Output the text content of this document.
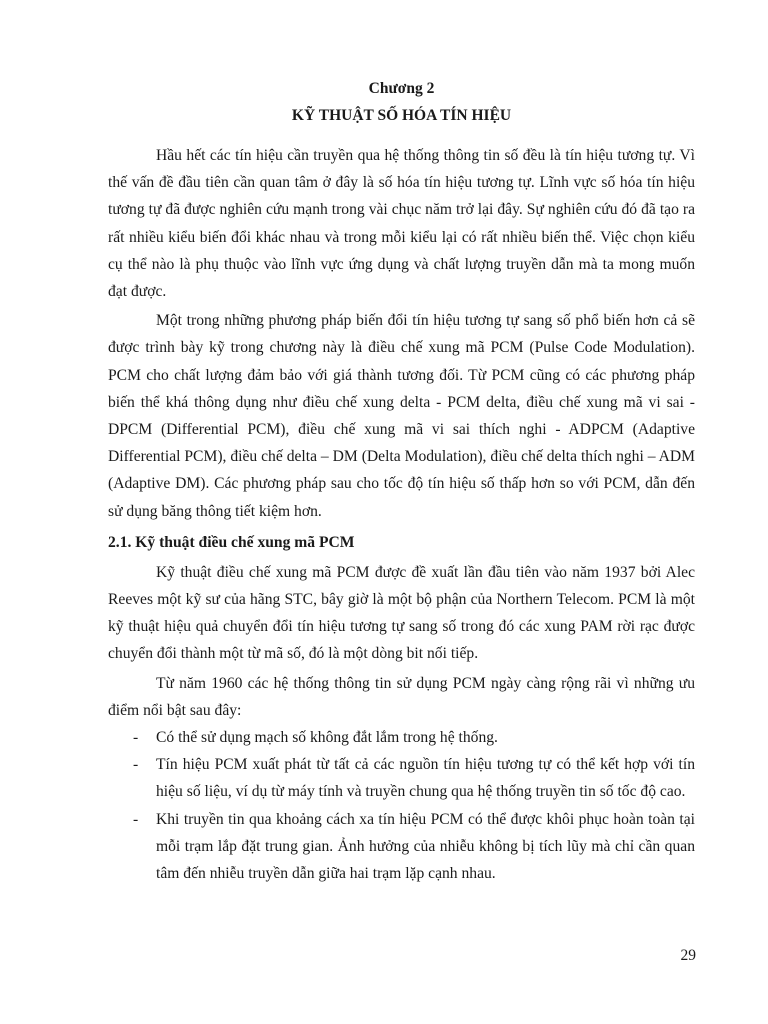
Chương 2

KỸ THUẬT SỐ HÓA TÍN HIỆU

Hầu hết các tín hiệu cần truyền qua hệ thống thông tin số đều là tín hiệu tương tự. Vì thế vấn đề đầu tiên cần quan tâm ở đây là số hóa tín hiệu tương tự. Lĩnh vực số hóa tín hiệu tương tự đã được nghiên cứu mạnh trong vài chục năm trở lại đây. Sự nghiên cứu đó đã tạo ra rất nhiều kiểu biến đổi khác nhau và trong mỗi kiểu lại có rất nhiều biến thể. Việc chọn kiểu cụ thể nào là phụ thuộc vào lĩnh vực ứng dụng và chất lượng truyền dẫn mà ta mong muốn đạt được.

Một trong những phương pháp biến đổi tín hiệu tương tự sang số phổ biến hơn cả sẽ được trình bày kỹ trong chương này là điều chế xung mã PCM (Pulse Code Modulation). PCM cho chất lượng đảm bảo với giá thành tương đối. Từ PCM cũng có các phương pháp biến thể khá thông dụng như điều chế xung delta - PCM delta, điều chế xung mã vi sai - DPCM (Differential PCM), điều chế xung mã vi sai thích nghi - ADPCM (Adaptive Differential PCM), điều chế delta – DM (Delta Modulation), điều chế delta thích nghi – ADM (Adaptive DM). Các phương pháp sau cho tốc độ tín hiệu số thấp hơn so với PCM, dẫn đến sử dụng băng thông tiết kiệm hơn.

2.1. Kỹ thuật điều chế xung mã PCM

Kỹ thuật điều chế xung mã PCM được đề xuất lần đầu tiên vào năm 1937 bởi Alec Reeves một kỹ sư của hãng STC, bây giờ là một bộ phận của Northern Telecom. PCM là một kỹ thuật hiệu quả chuyển đổi tín hiệu tương tự sang số trong đó các xung PAM rời rạc được chuyển đổi thành một từ mã số, đó là một dòng bit nối tiếp.

Từ năm 1960 các hệ thống thông tin sử dụng PCM ngày càng rộng rãi vì những ưu điểm nổi bật sau đây:

- Có thể sử dụng mạch số không đắt lắm trong hệ thống.
- Tín hiệu PCM xuất phát từ tất cả các nguồn tín hiệu tương tự có thể kết hợp với tín hiệu số liệu, ví dụ từ máy tính và truyền chung qua hệ thống truyền tin số tốc độ cao.
- Khi truyền tin qua khoảng cách xa tín hiệu PCM có thể được khôi phục hoàn toàn tại mỗi trạm lắp đặt trung gian. Ảnh hưởng của nhiễu không bị tích lũy mà chỉ cần quan tâm đến nhiễu truyền dẫn giữa hai trạm lặp cạnh nhau.
29
